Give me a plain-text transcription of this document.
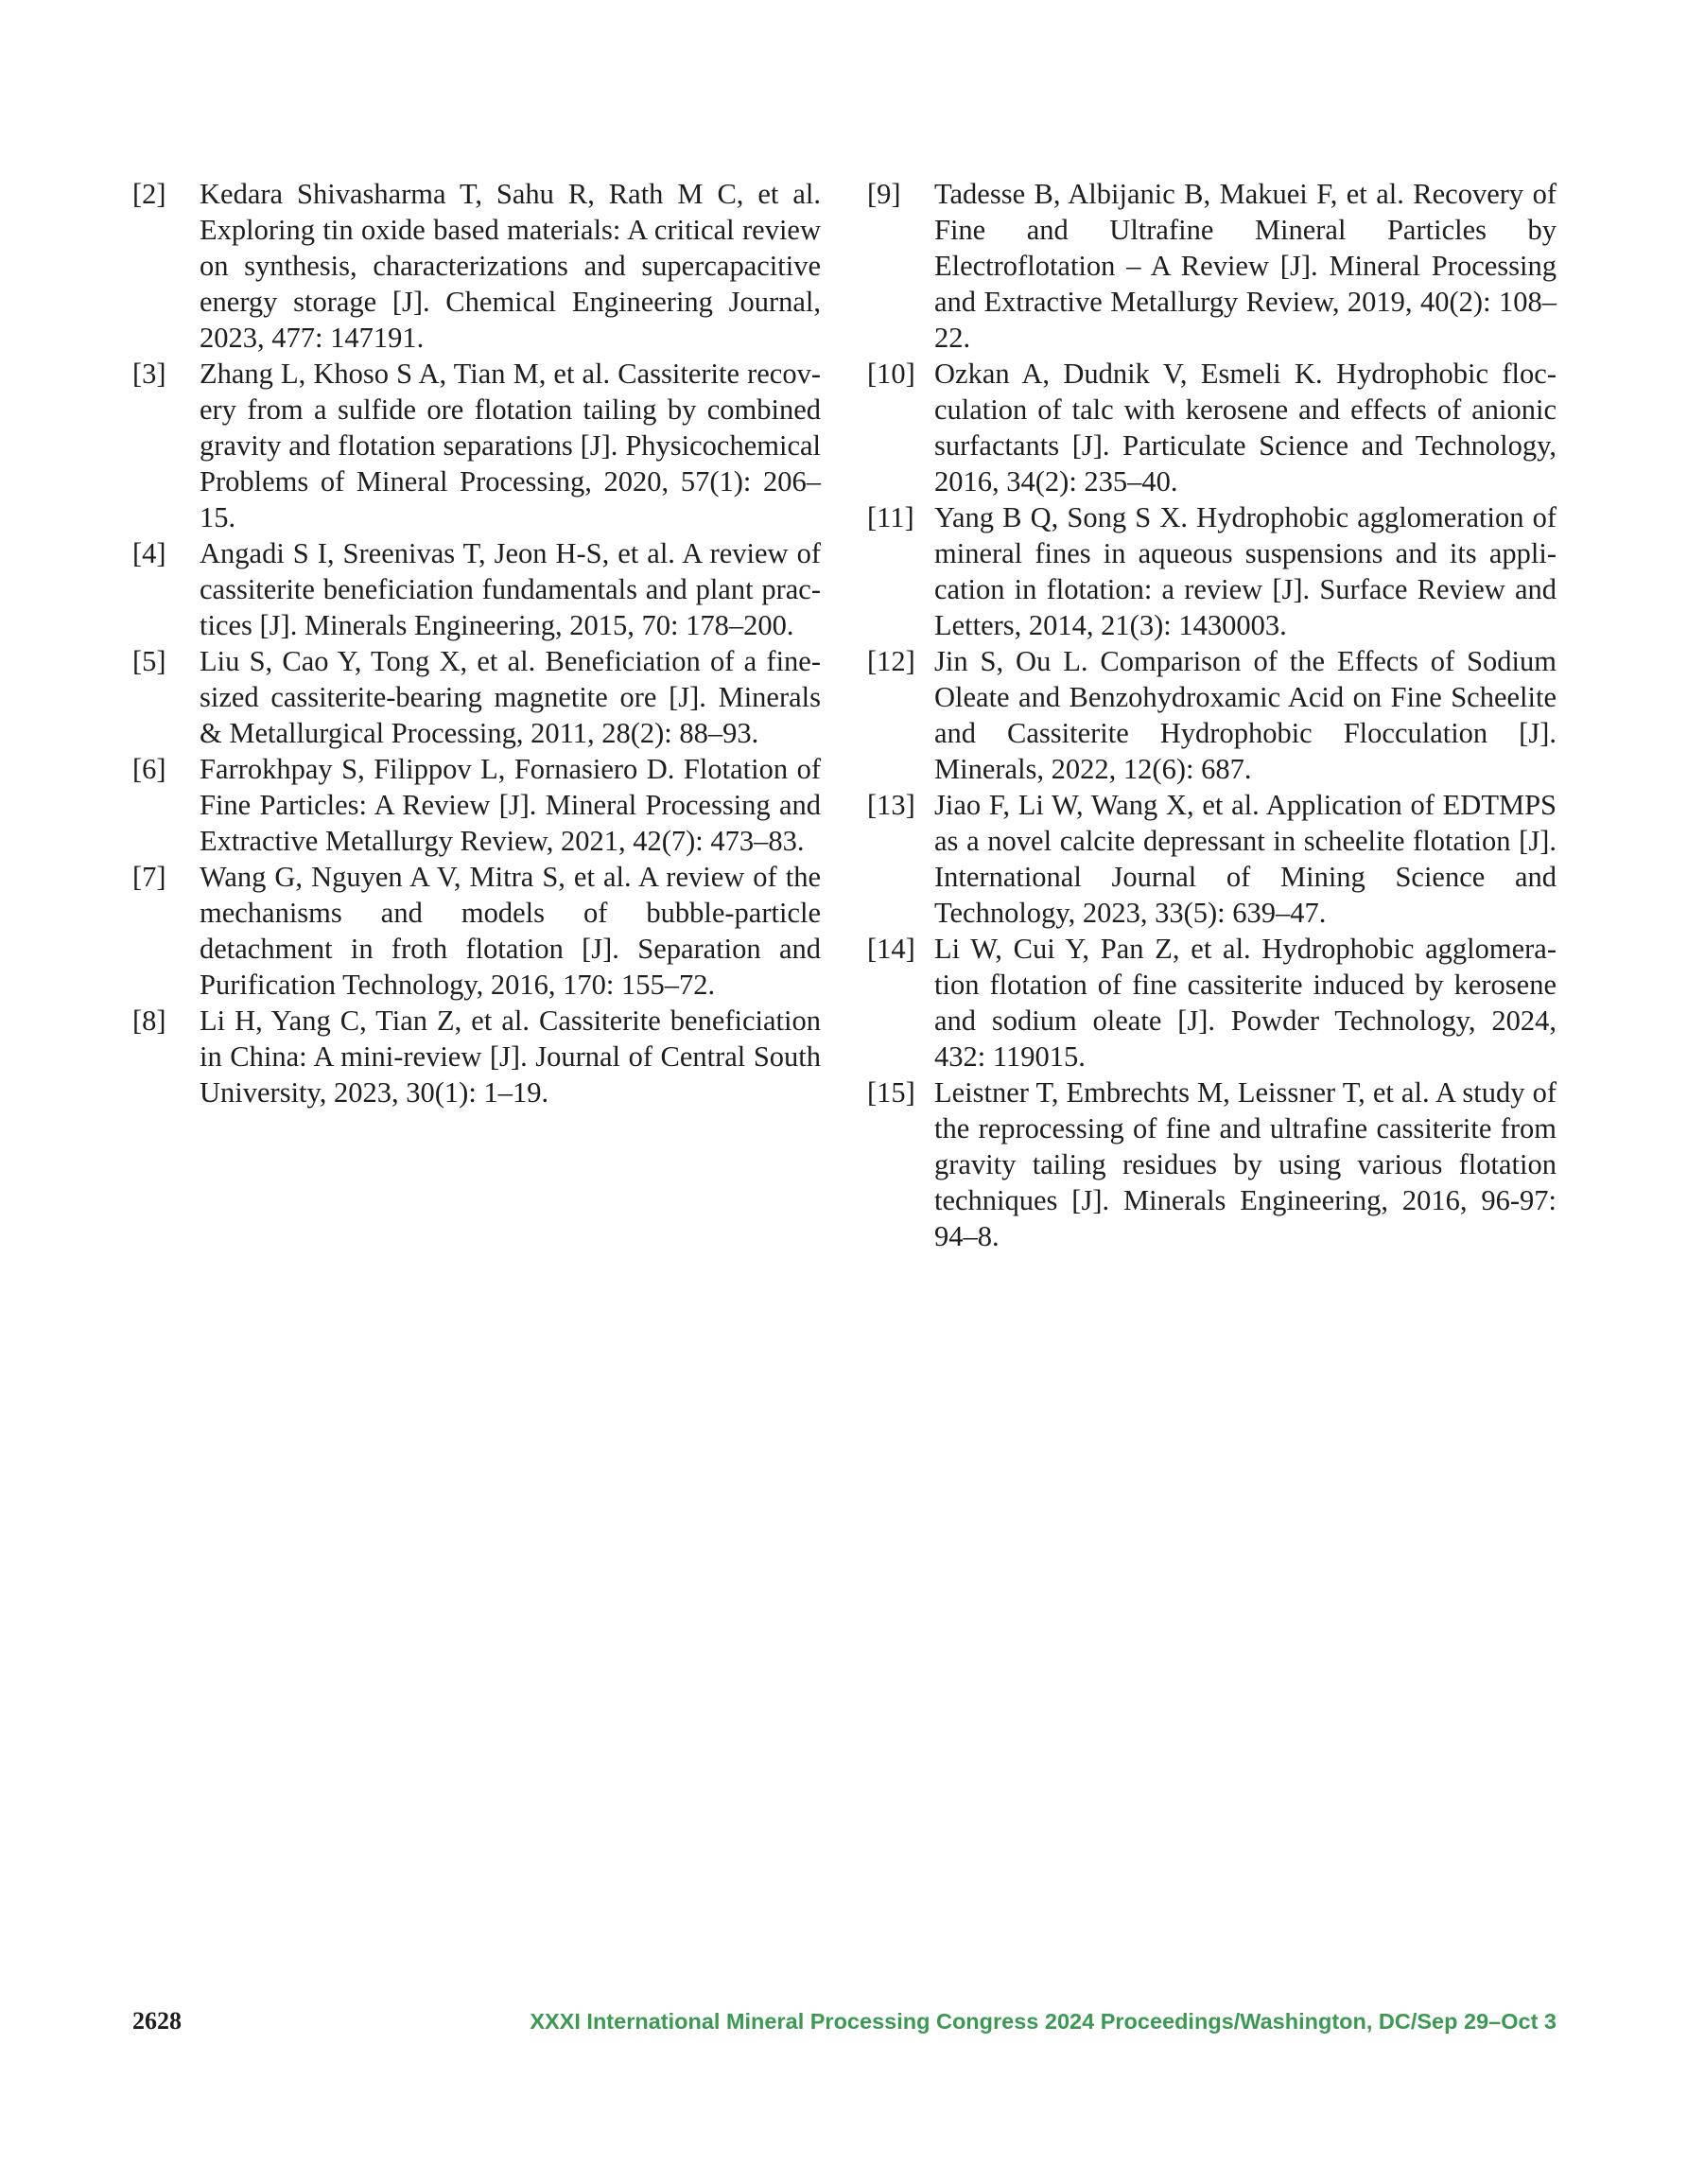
[2]	Kedara Shivasharma T, Sahu R, Rath M C, et al. Exploring tin oxide based materials: A critical review on synthesis, characterizations and supercapacitive energy storage [J]. Chemical Engineering Journal, 2023, 477: 147191.
[3]	Zhang L, Khoso S A, Tian M, et al. Cassiterite recovery from a sulfide ore flotation tailing by combined gravity and flotation separations [J]. Physicochemical Problems of Mineral Processing, 2020, 57(1): 206–15.
[4]	Angadi S I, Sreenivas T, Jeon H-S, et al. A review of cassiterite beneficiation fundamentals and plant practices [J]. Minerals Engineering, 2015, 70: 178–200.
[5]	Liu S, Cao Y, Tong X, et al. Beneficiation of a fine-sized cassiterite-bearing magnetite ore [J]. Minerals & Metallurgical Processing, 2011, 28(2): 88–93.
[6]	Farrokhpay S, Filippov L, Fornasiero D. Flotation of Fine Particles: A Review [J]. Mineral Processing and Extractive Metallurgy Review, 2021, 42(7): 473–83.
[7]	Wang G, Nguyen A V, Mitra S, et al. A review of the mechanisms and models of bubble-particle detachment in froth flotation [J]. Separation and Purification Technology, 2016, 170: 155–72.
[8]	Li H, Yang C, Tian Z, et al. Cassiterite beneficiation in China: A mini-review [J]. Journal of Central South University, 2023, 30(1): 1–19.
[9]	Tadesse B, Albijanic B, Makuei F, et al. Recovery of Fine and Ultrafine Mineral Particles by Electroflotation – A Review [J]. Mineral Processing and Extractive Metallurgy Review, 2019, 40(2): 108–22.
[10] Ozkan A, Dudnik V, Esmeli K. Hydrophobic flocculation of talc with kerosene and effects of anionic surfactants [J]. Particulate Science and Technology, 2016, 34(2): 235–40.
[11] Yang B Q, Song S X. Hydrophobic agglomeration of mineral fines in aqueous suspensions and its application in flotation: a review [J]. Surface Review and Letters, 2014, 21(3): 1430003.
[12] Jin S, Ou L. Comparison of the Effects of Sodium Oleate and Benzohydroxamic Acid on Fine Scheelite and Cassiterite Hydrophobic Flocculation [J]. Minerals, 2022, 12(6): 687.
[13] Jiao F, Li W, Wang X, et al. Application of EDTMPS as a novel calcite depressant in scheelite flotation [J]. International Journal of Mining Science and Technology, 2023, 33(5): 639–47.
[14] Li W, Cui Y, Pan Z, et al. Hydrophobic agglomeration flotation of fine cassiterite induced by kerosene and sodium oleate [J]. Powder Technology, 2024, 432: 119015.
[15] Leistner T, Embrechts M, Leissner T, et al. A study of the reprocessing of fine and ultrafine cassiterite from gravity tailing residues by using various flotation techniques [J]. Minerals Engineering, 2016, 96-97: 94–8.
2628	XXXI International Mineral Processing Congress 2024 Proceedings/Washington, DC/Sep 29–Oct 3
